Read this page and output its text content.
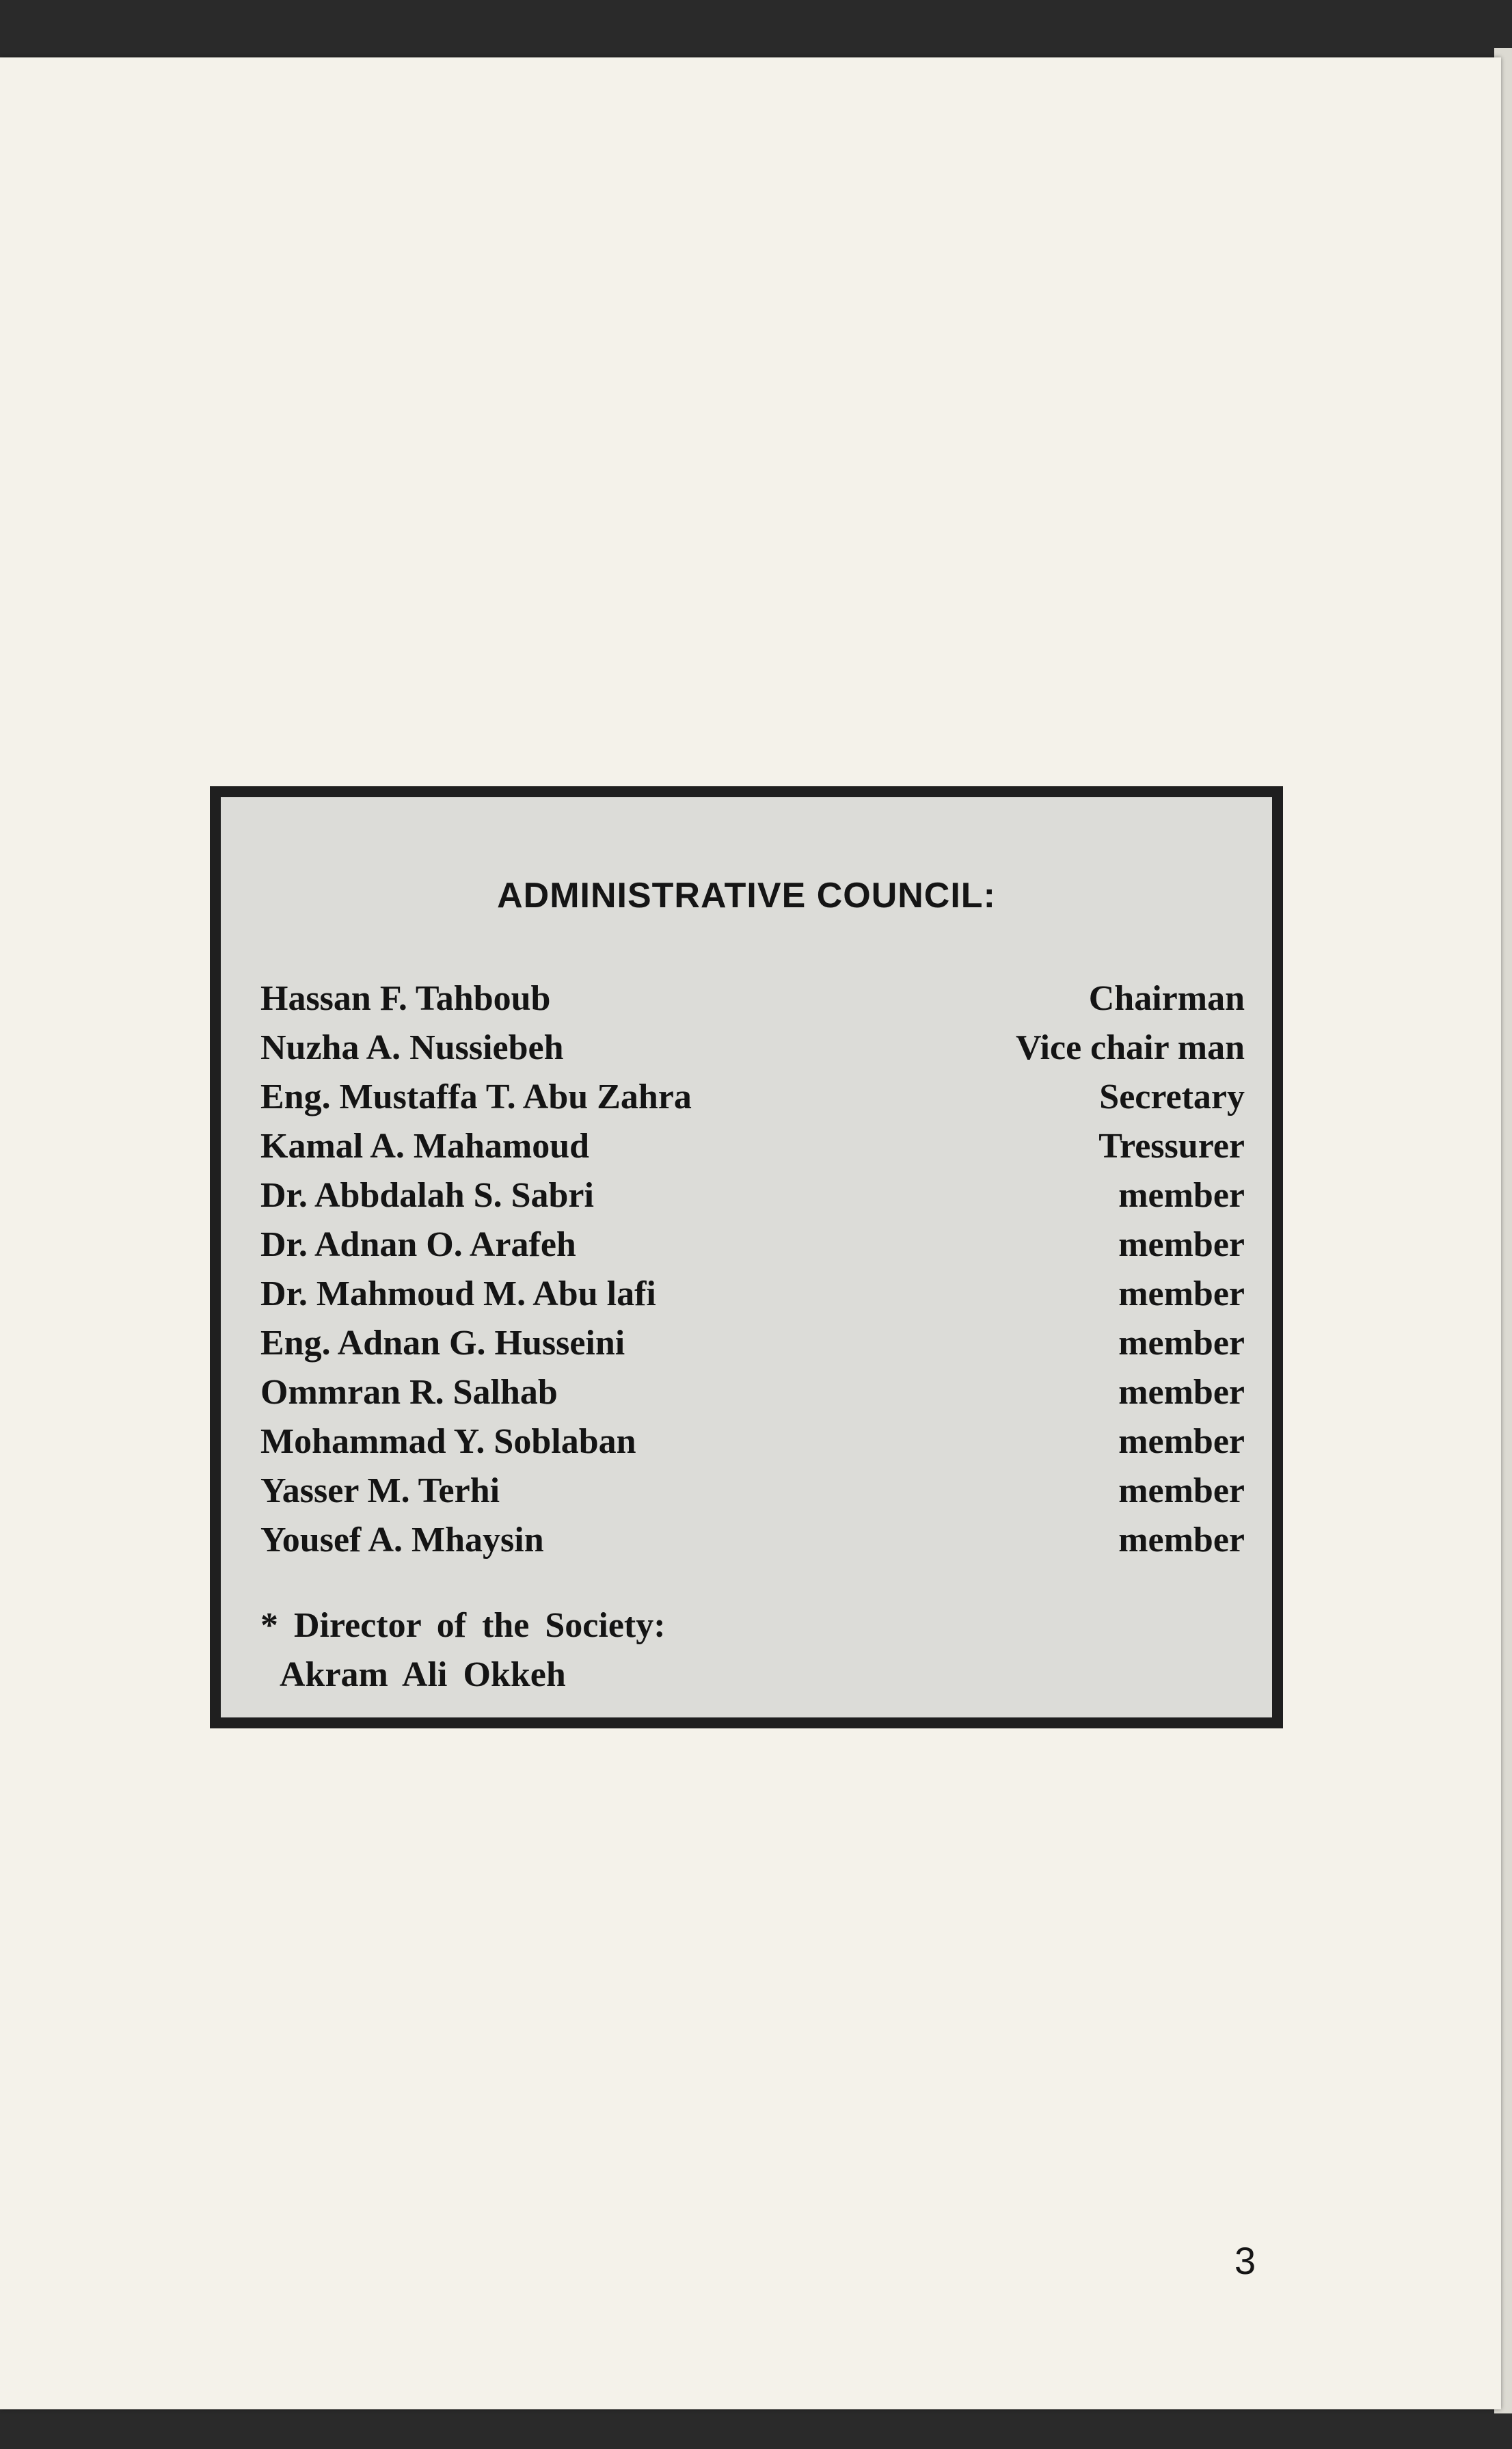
ADMINISTRATIVE COUNCIL:
Hassan F. Tahboub	Chairman
Nuzha A. Nussiebeh	Vice chair man
Eng. Mustaffa T. Abu Zahra	Secretary
Kamal A. Mahamoud	Tressurer
Dr. Abbdalah S. Sabri	member
Dr. Adnan O. Arafeh	member
Dr. Mahmoud M. Abu lafi	member
Eng. Adnan G. Husseini	member
Ommran R. Salhab	member
Mohammad Y. Soblaban	member
Yasser M. Terhi	member
Yousef A. Mhaysin	member
* Director of the Society:
Akram Ali Okkeh
3
